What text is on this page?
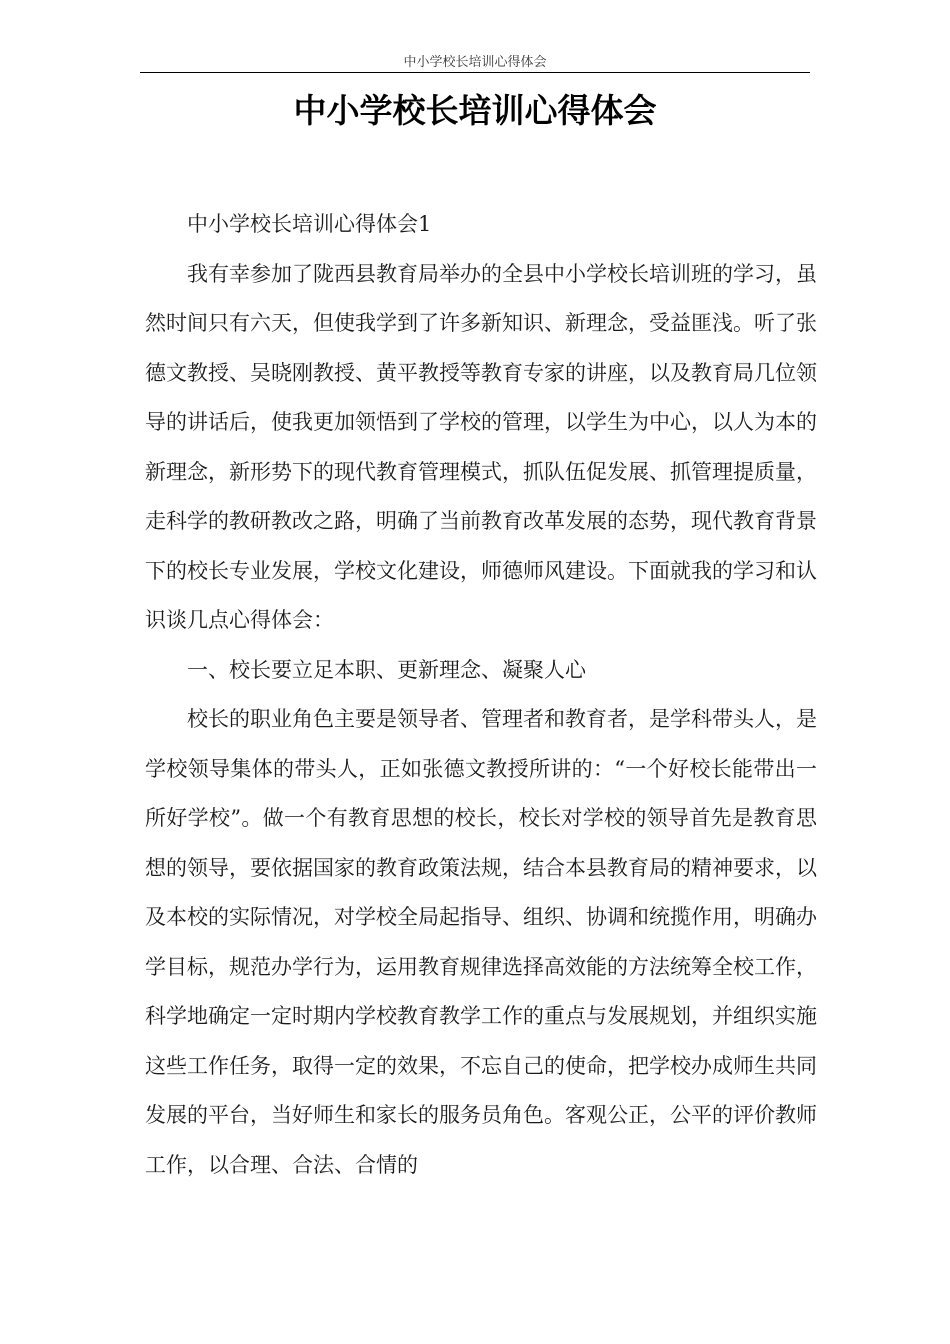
中小学校长培训心得体会
中小学校长培训心得体会

中小学校长培训心得体会1

我有幸参加了陇西县教育局举办的全县中小学校长培训班的学习，虽然时间只有六天，但使我学到了许多新知识、新理念，受益匪浅。听了张德文教授、吴晓刚教授、黄平教授等教育专家的讲座，以及教育局几位领导的讲话后，使我更加领悟到了学校的管理，以学生为中心，以人为本的新理念，新形势下的现代教育管理模式，抓队伍促发展、抓管理提质量，走科学的教研教改之路，明确了当前教育改革发展的态势，现代教育背景下的校长专业发展，学校文化建设，师德师风建设。下面就我的学习和认识谈几点心得体会：

一、校长要立足本职、更新理念、凝聚人心

校长的职业角色主要是领导者、管理者和教育者，是学科带头人，是学校领导集体的带头人，正如张德文教授所讲的：“一个好校长能带出一所好学校”。做一个有教育思想的校长，校长对学校的领导首先是教育思想的领导，要依据国家的教育政策法规，结合本县教育局的精神要求，以及本校的实际情况，对学校全局起指导、组织、协调和统揽作用，明确办学目标，规范办学行为，运用教育规律选择高效能的方法统筹全校工作，科学地确定一定时期内学校教育教学工作的重点与发展规划，并组织实施这些工作任务，取得一定的效果，不忘自己的使命，把学校办成师生共同发展的平台，当好师生和家长的服务员角色。客观公正，公平的评价教师工作，以合理、合法、合情的
